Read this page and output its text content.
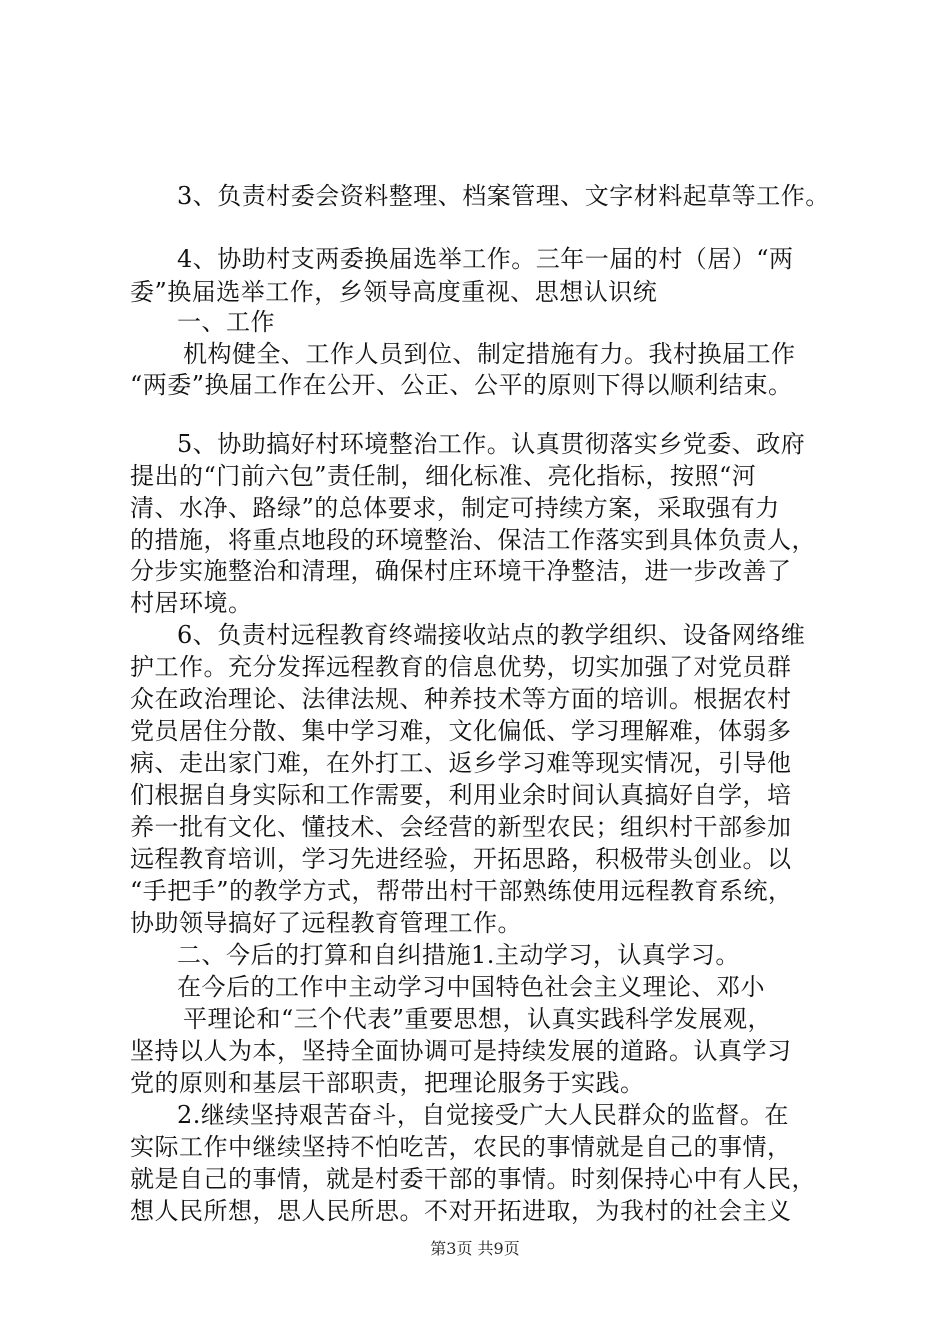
3、负责村委会资料整理、档案管理、文字材料起草等工作。
4、协助村支两委换届选举工作。三年一届的村（居）“两
委”换届选举工作，乡领导高度重视、思想认识统
一、工作
机构健全、工作人员到位、制定措施有力。我村换届工作
“两委”换届工作在公开、公正、公平的原则下得以顺利结束。
5、协助搞好村环境整治工作。认真贯彻落实乡党委、政府
提出的“门前六包”责任制，细化标准、亮化指标，按照“河
清、水净、路绿”的总体要求，制定可持续方案，采取强有力
的措施，将重点地段的环境整治、保洁工作落实到具体负责人，
分步实施整治和清理，确保村庄环境干净整洁，进一步改善了
村居环境。
6、负责村远程教育终端接收站点的教学组织、设备网络维
护工作。充分发挥远程教育的信息优势，切实加强了对党员群
众在政治理论、法律法规、种养技术等方面的培训。根据农村
党员居住分散、集中学习难，文化偏低、学习理解难，体弱多
病、走出家门难，在外打工、返乡学习难等现实情况，引导他
们根据自身实际和工作需要，利用业余时间认真搞好自学，培
养一批有文化、懂技术、会经营的新型农民；组织村干部参加
远程教育培训，学习先进经验，开拓思路，积极带头创业。以
“手把手”的教学方式，帮带出村干部熟练使用远程教育系统，
协助领导搞好了远程教育管理工作。
二、今后的打算和自纠措施1.主动学习，认真学习。
在今后的工作中主动学习中国特色社会主义理论、邓小
平理论和“三个代表”重要思想，认真实践科学发展观，
坚持以人为本，坚持全面协调可是持续发展的道路。认真学习
党的原则和基层干部职责，把理论服务于实践。
2.继续坚持艰苦奋斗，自觉接受广大人民群众的监督。在
实际工作中继续坚持不怕吃苦，农民的事情就是自己的事情，
就是自己的事情，就是村委干部的事情。时刻保持心中有人民，
想人民所想，思人民所思。不对开拓进取，为我村的社会主义
第3页 共9页
